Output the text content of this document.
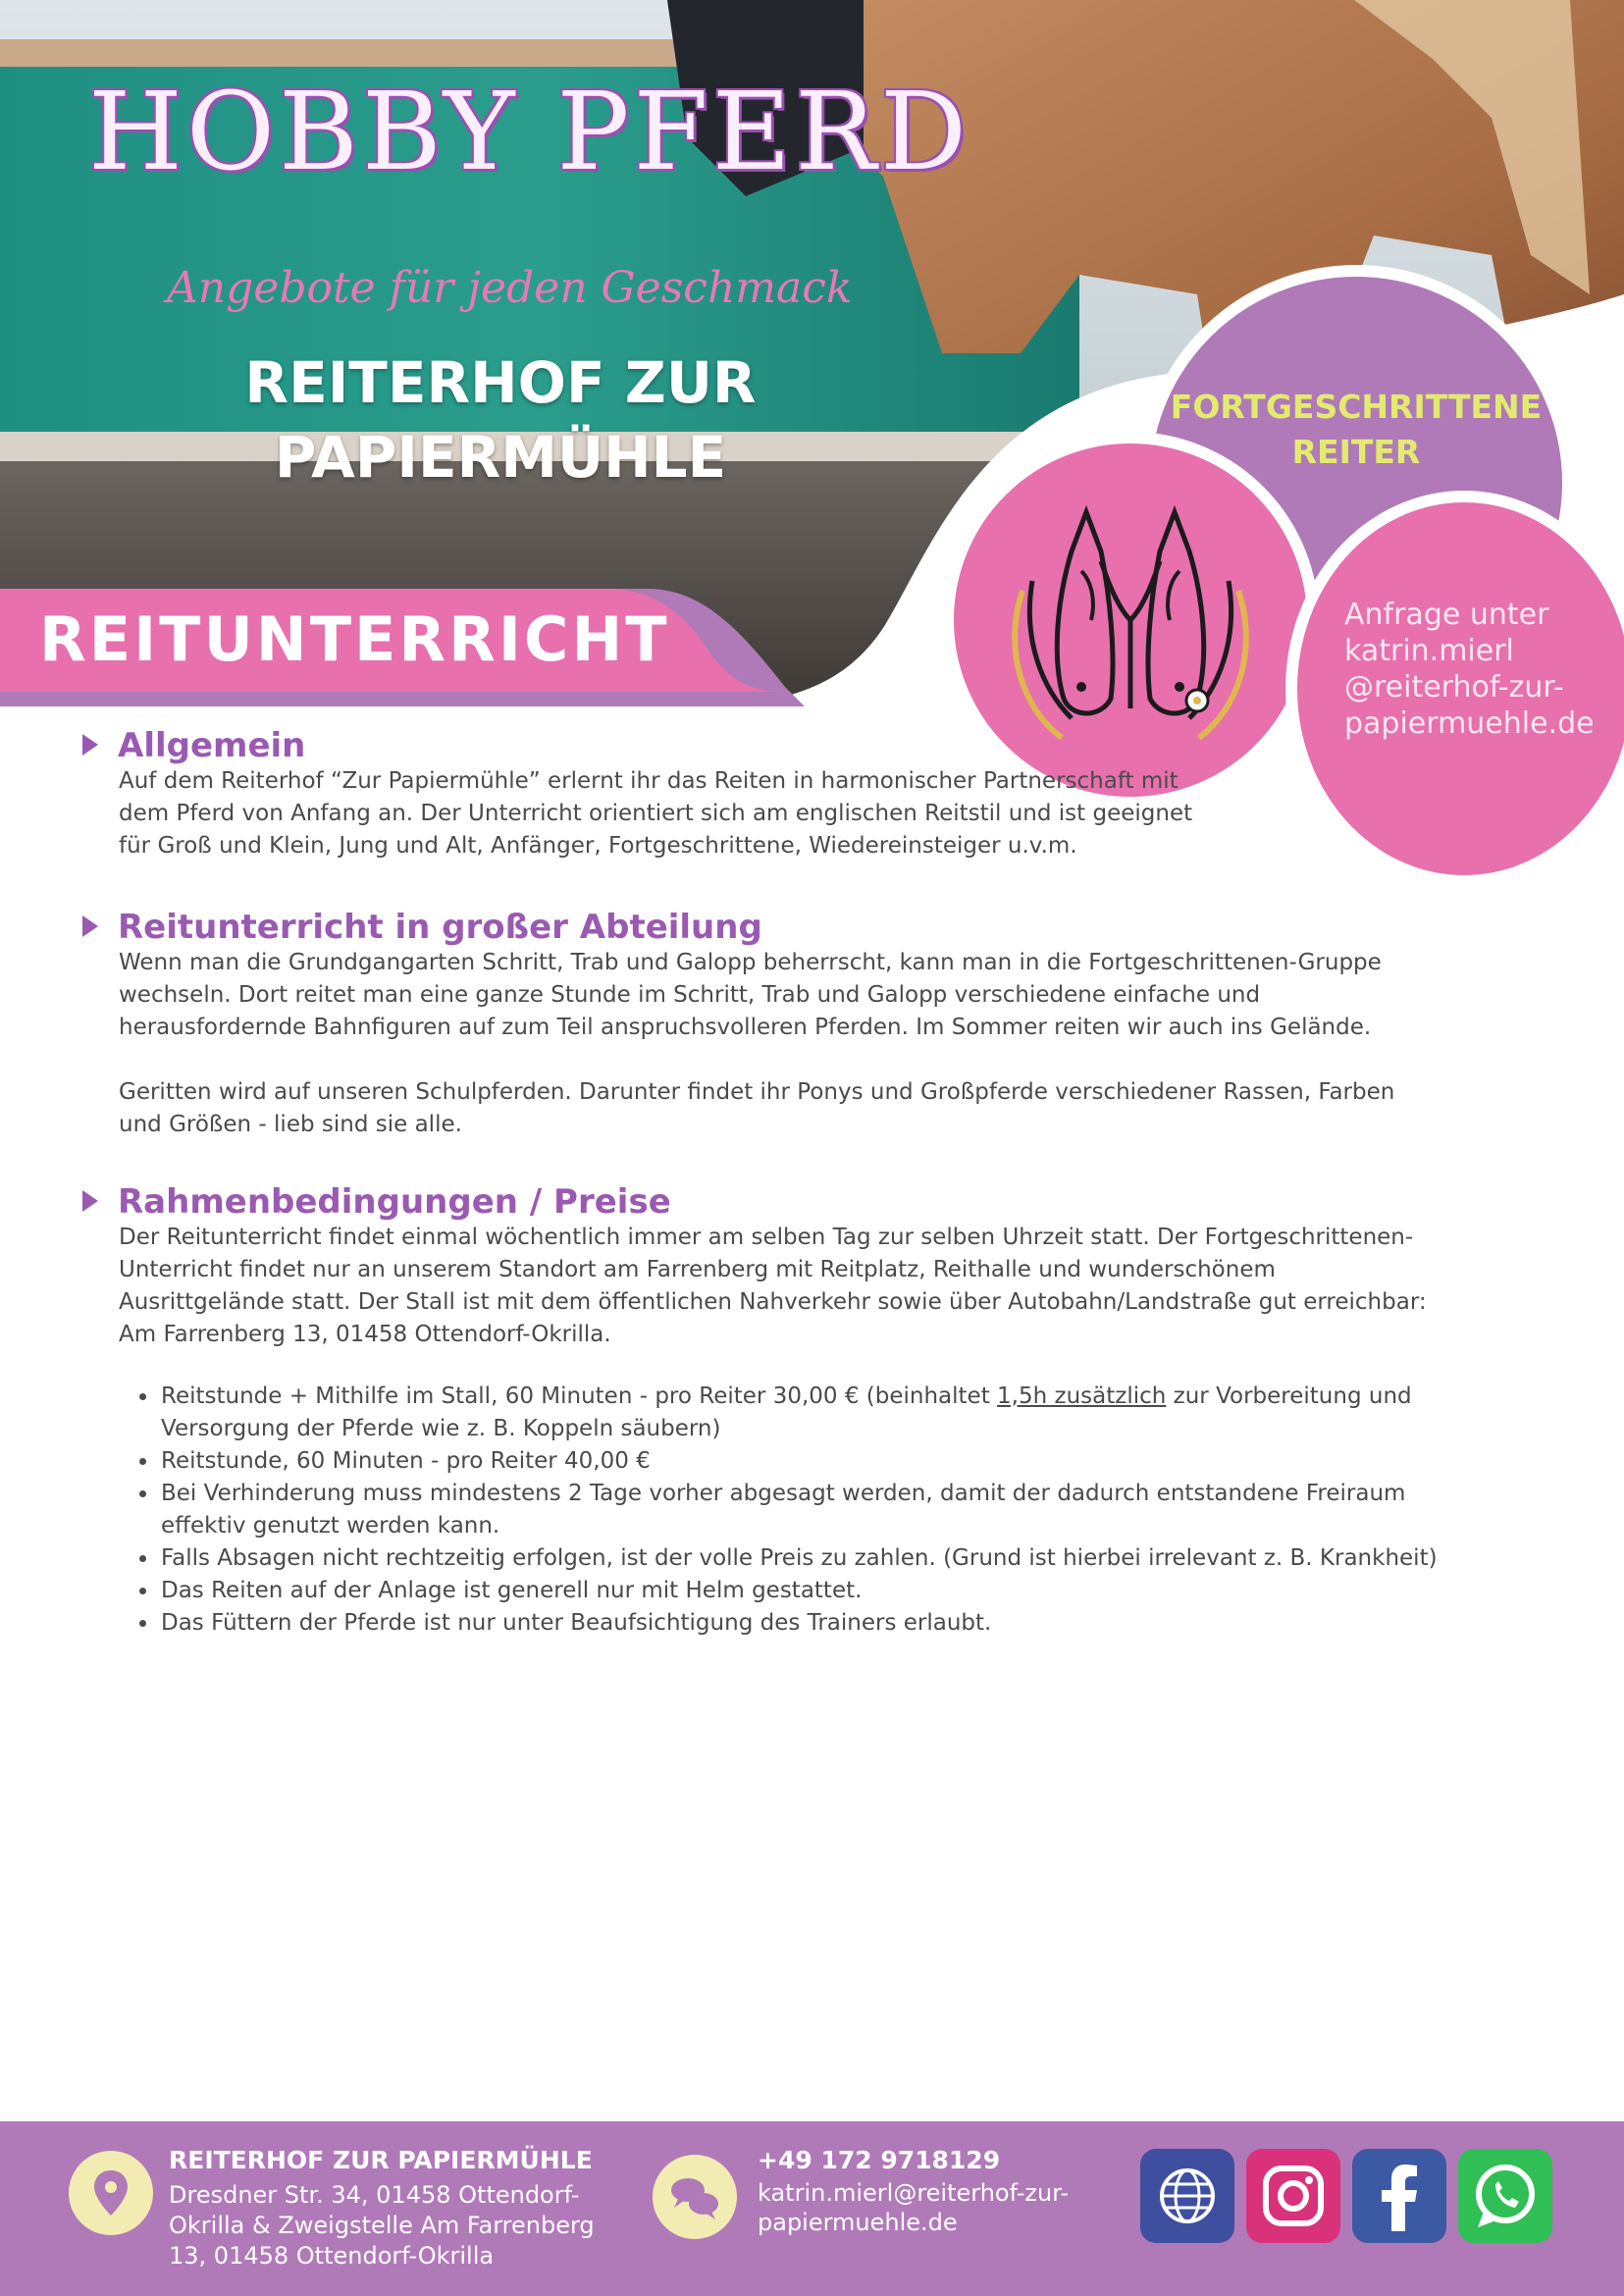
HOBBY PFERD
Angebote für jeden Geschmack
REITERHOF ZUR
PAPIERMÜHLE
REITUNTERRICHT
FORTGESCHRITTENE
REITER
Anfrage unter
katrin.mierl
@reiterhof-zur-
papiermuehle.de
Allgemein

Auf dem Reiterhof “Zur Papiermühle” erlernt ihr das Reiten in harmonischer Partnerschaft mit

dem Pferd von Anfang an. Der Unterricht orientiert sich am englischen Reitstil und ist geeignet

für Groß und Klein, Jung und Alt, Anfänger, Fortgeschrittene, Wiedereinsteiger u.v.m.

Reitunterricht in großer Abteilung

Wenn man die Grundgangarten Schritt, Trab und Galopp beherrscht, kann man in die Fortgeschrittenen-Gruppe

wechseln. Dort reitet man eine ganze Stunde im Schritt, Trab und Galopp verschiedene einfache und

herausfordernde Bahnfiguren auf zum Teil anspruchsvolleren Pferden. Im Sommer reiten wir auch ins Gelände.

Geritten wird auf unseren Schulpferden. Darunter findet ihr Ponys und Großpferde verschiedener Rassen, Farben

und Größen - lieb sind sie alle.

Rahmenbedingungen / Preise

Der Reitunterricht findet einmal wöchentlich immer am selben Tag zur selben Uhrzeit statt. Der Fortgeschrittenen-

Unterricht findet nur an unserem Standort am Farrenberg mit Reitplatz, Reithalle und wunderschönem

Ausrittgelände statt. Der Stall ist mit dem öffentlichen Nahverkehr sowie über Autobahn/Landstraße gut erreichbar:

Am Farrenberg 13, 01458 Ottendorf-Okrilla.

• Reitstunde + Mithilfe im Stall, 60 Minuten - pro Reiter 30,00 € (beinhaltet 1,5h zusätzlich zur Vorbereitung und
Versorgung der Pferde wie z. B. Koppeln säubern)
• Reitstunde, 60 Minuten - pro Reiter 40,00 €
• Bei Verhinderung muss mindestens 2 Tage vorher abgesagt werden, damit der dadurch entstandene Freiraum
effektiv genutzt werden kann.
• Falls Absagen nicht rechtzeitig erfolgen, ist der volle Preis zu zahlen. (Grund ist hierbei irrelevant z. B. Krankheit)
• Das Reiten auf der Anlage ist generell nur mit Helm gestattet.
• Das Füttern der Pferde ist nur unter Beaufsichtigung des Trainers erlaubt.
REITERHOF ZUR PAPIERMÜHLE
Dresdner Str. 34, 01458 Ottendorf-
Okrilla & Zweigstelle Am Farrenberg
13, 01458 Ottendorf-Okrilla
+49 172 9718129
katrin.mierl@reiterhof-zur-
papiermuehle.de
